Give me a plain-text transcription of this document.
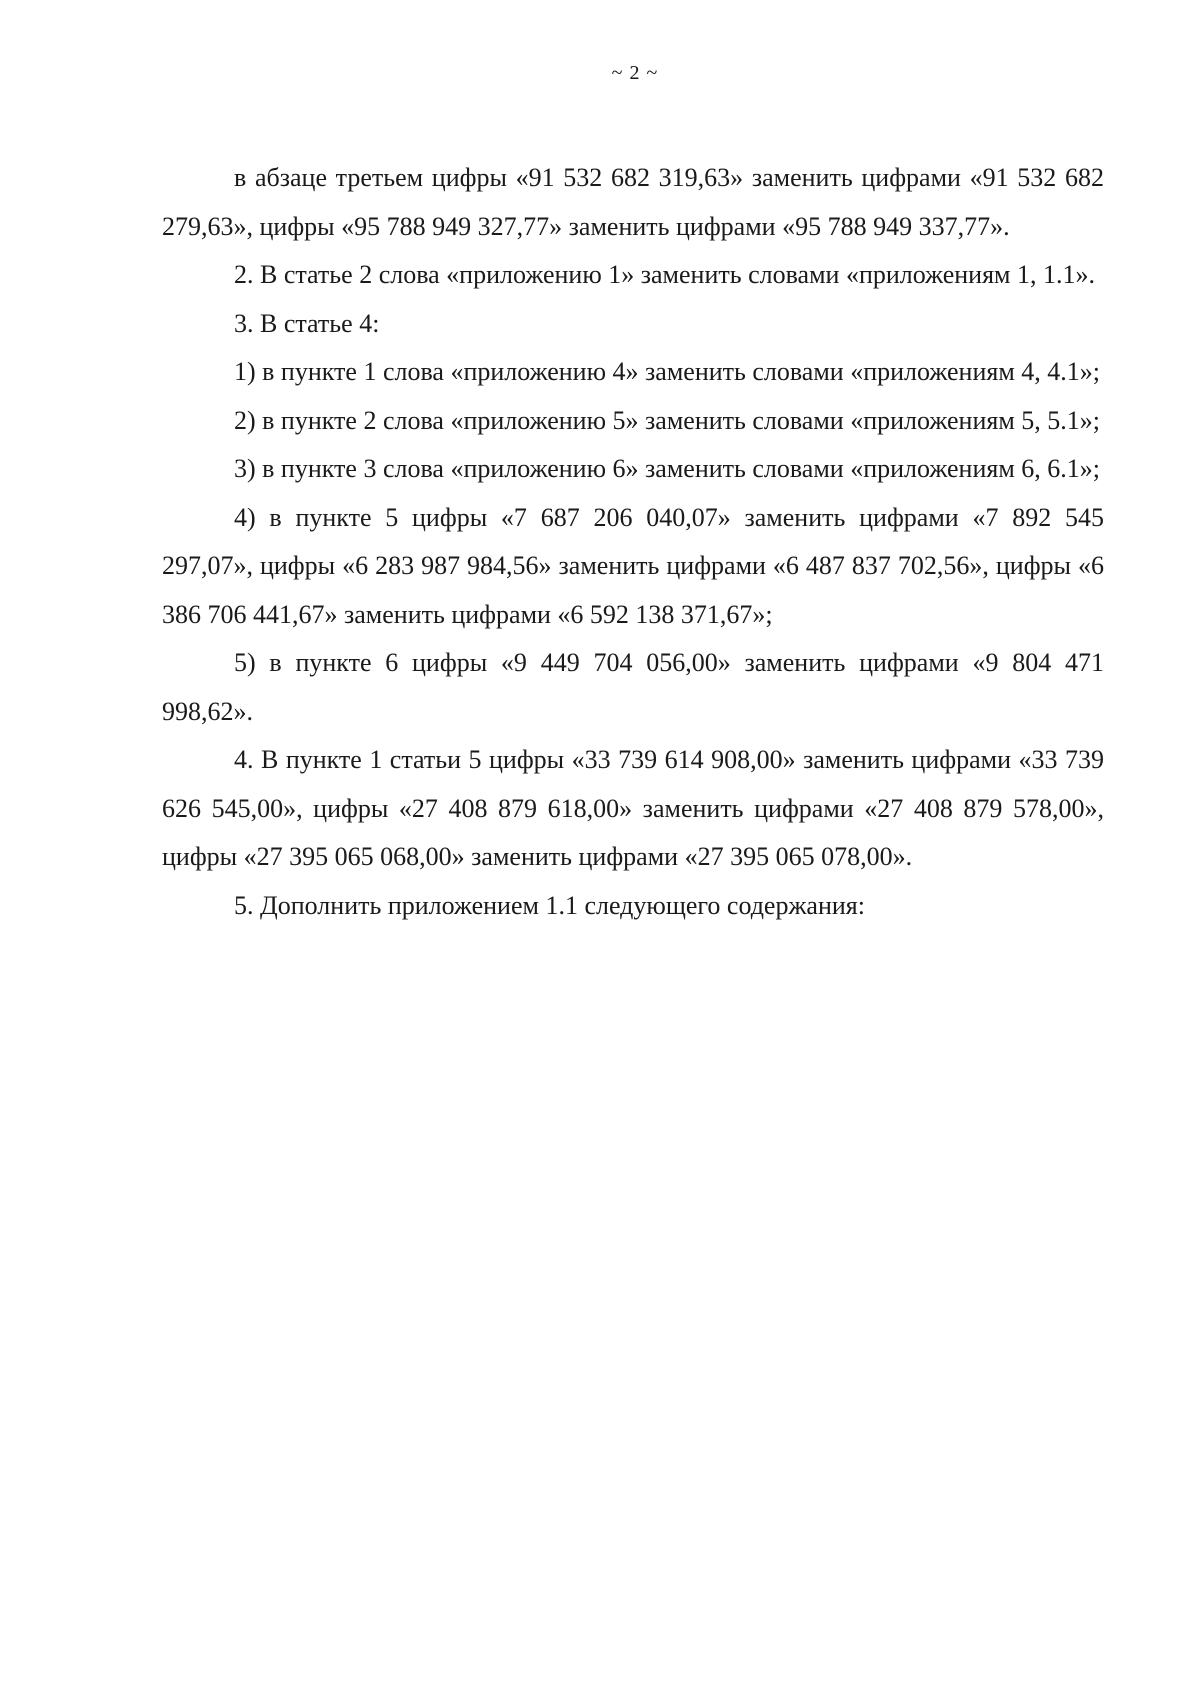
~ 2 ~

в абзаце третьем цифры «91 532 682 319,63» заменить цифрами «91 532 682 279,63», цифры «95 788 949 327,77» заменить цифрами «95 788 949 337,77».

2. В статье 2 слова «приложению 1» заменить словами «приложениям 1, 1.1».

3. В статье 4:

1) в пункте 1 слова «приложению 4» заменить словами «приложениям 4, 4.1»;

2) в пункте 2 слова «приложению 5» заменить словами «приложениям 5, 5.1»;

3) в пункте 3 слова «приложению 6» заменить словами «приложениям 6, 6.1»;

4) в пункте 5 цифры «7 687 206 040,07» заменить цифрами «7 892 545 297,07», цифры «6 283 987 984,56» заменить цифрами «6 487 837 702,56», цифры «6 386 706 441,67» заменить цифрами «6 592 138 371,67»;

5) в пункте 6 цифры «9 449 704 056,00» заменить цифрами «9 804 471 998,62».

4. В пункте 1 статьи 5 цифры «33 739 614 908,00» заменить цифрами «33 739 626 545,00», цифры «27 408 879 618,00» заменить цифрами «27 408 879 578,00», цифры «27 395 065 068,00» заменить цифрами «27 395 065 078,00».

5. Дополнить приложением 1.1 следующего содержания:
